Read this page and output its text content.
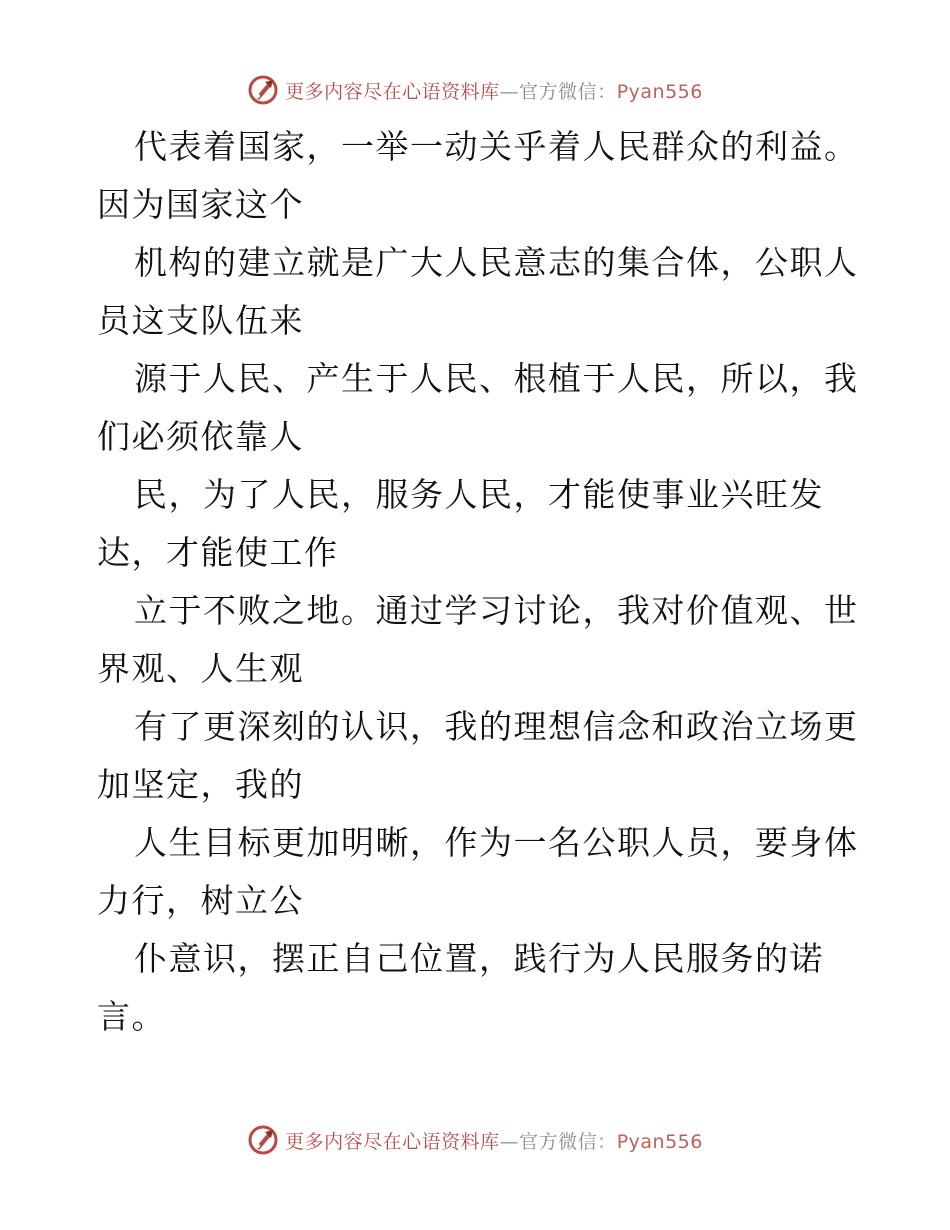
更多内容尽在心语资料库—官方微信：Pyan556
代表着国家，一举一动关乎着人民群众的利益。
因为国家这个
机构的建立就是广大人民意志的集合体，公职人
员这支队伍来
源于人民、产生于人民、根植于人民，所以，我
们必须依靠人
民，为了人民，服务人民，才能使事业兴旺发
达，才能使工作
立于不败之地。通过学习讨论，我对价值观、世
界观、人生观
有了更深刻的认识，我的理想信念和政治立场更
加坚定，我的
人生目标更加明晰，作为一名公职人员，要身体
力行，树立公
仆意识，摆正自己位置，践行为人民服务的诺
言。
更多内容尽在心语资料库—官方微信：Pyan556
